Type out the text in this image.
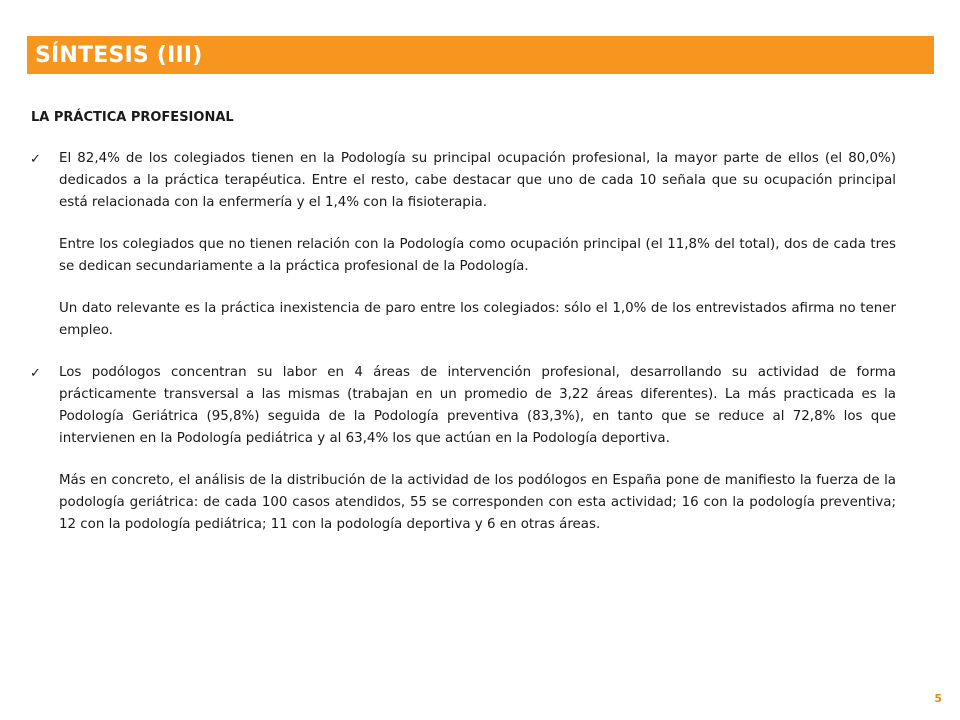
SÍNTESIS (III)
LA PRÁCTICA PROFESIONAL
✓ El 82,4% de los colegiados tienen en la Podología su principal ocupación profesional, la mayor parte de ellos (el 80,0%) dedicados a la práctica terapéutica. Entre el resto, cabe destacar que uno de cada 10 señala que su ocupación principal está relacionada con la enfermería y el 1,4% con la fisioterapia.

Entre los colegiados que no tienen relación con la Podología como ocupación principal (el 11,8% del total), dos de cada tres se dedican secundariamente a la práctica profesional de la Podología.

Un dato relevante es la práctica inexistencia de paro entre los colegiados: sólo el 1,0% de los entrevistados afirma no tener empleo.

✓ Los podólogos concentran su labor en 4 áreas de intervención profesional, desarrollando su actividad de forma prácticamente transversal a las mismas (trabajan en un promedio de 3,22 áreas diferentes). La más practicada es la Podología Geriátrica (95,8%) seguida de la Podología preventiva (83,3%), en tanto que se reduce al 72,8% los que intervienen en la Podología pediátrica y al 63,4% los que actúan en la Podología deportiva.

Más en concreto, el análisis de la distribución de la actividad de los podólogos en España pone de manifiesto la fuerza de la podología geriátrica: de cada 100 casos atendidos, 55 se corresponden con esta actividad; 16 con la podología preventiva; 12 con la podología pediátrica; 11 con la podología deportiva y 6 en otras áreas.

5
